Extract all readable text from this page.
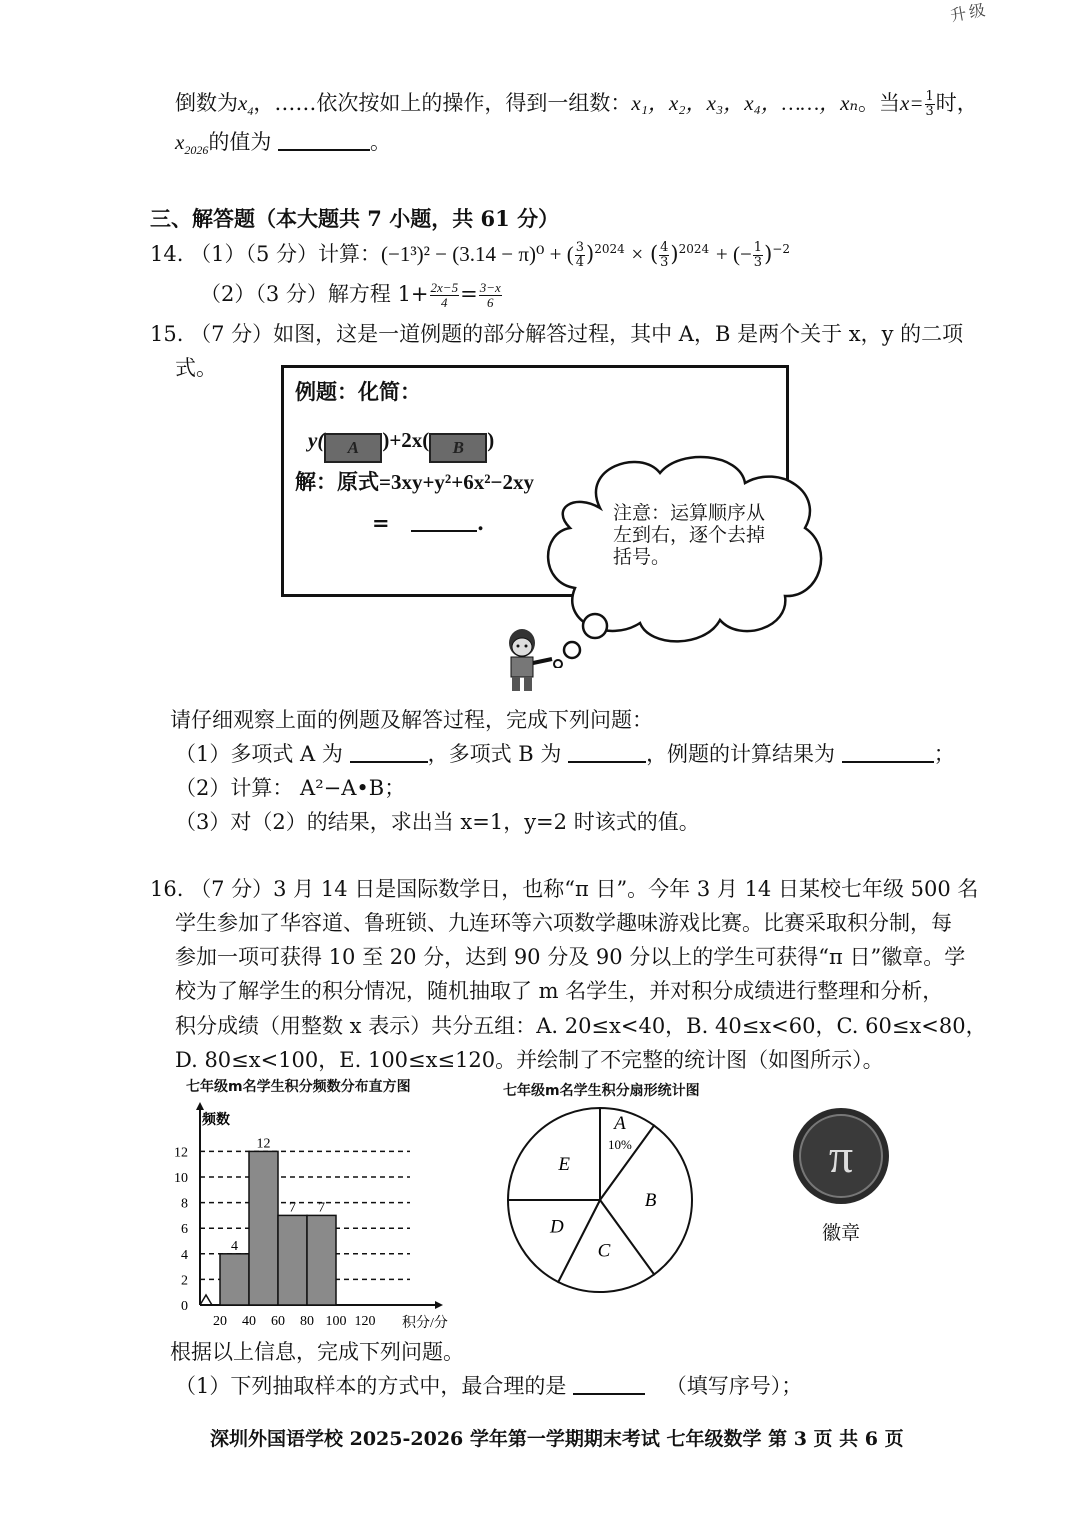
升级
倒数为$x_4$，……依次按如上的操作，得到一组数：x₁，x₂，x₃，x₄，……，xₙ。当$x= \frac{1}{3}$ 时，
$x_{2026}$的值为	。
三、解答题（本大题共 7 小题，共 61 分）
14. （1）（5 分）计算：(−1³)² − (3.14 − π)⁰ + ( $\frac{3}{4} )^{2024}$ × ( $\frac{4}{3} )^{2024}$ + (− $\frac{1}{3} )^{-2}$
（2）（3 分）解方程 $1+ \frac{2x-5}{4} = \frac{3-x}{6}$
15. （7 分）如图，这是一道例题的部分解答过程，其中 A，B 是两个关于 x，y 的二项
式。
例题：化简：
y( A )+2x( B )
解：原式=3xy+y²+6x²−2xy
=	.	注意：运算顺序从
左到右，逐个去掉
括号。
请仔细观察上面的例题及解答过程，完成下列问题：
（1）多项式 A 为	，多项式 B 为	，例题的计算结果为	；
（2）计算： A²−A•B；
（3）对（2）的结果，求出当 x=1，y=2 时该式的值。
16. （7 分）3 月 14 日是国际数学日，也称“π 日”。今年 3 月 14 日某校七年级 500 名
学生参加了华容道、鲁班锁、九连环等六项数学趣味游戏比赛。比赛采取积分制，每
参加一项可获得 10 至 20 分，达到 90 分及 90 分以上的学生可获得“π 日”徽章。学
校为了解学生的积分情况，随机抽取了 m 名学生，并对积分成绩进行整理和分析，
积分成绩（用整数 x 表示）共分五组：A. 20≤x<40，B. 40≤x<60，C. 60≤x<80，
D. 80≤x<100，E. 100≤x≤120。并绘制了不完整的统计图（如图所示）。
七年级m名学生积分频数分布直方图
0
2
4
6
8
10
12
频数
20 40 60 80 100 120 积分/分
4
12
7 7
七年级m名学生积分扇形统计图
A
10%
B
C
D
E	π
徽章
根据以上信息，完成下列问题。
（1）下列抽取样本的方式中，最合理的是	（填写序号）；
深圳外国语学校 2025-2026 学年第一学期期末考试 七年级数学 第 3 页 共 6 页
